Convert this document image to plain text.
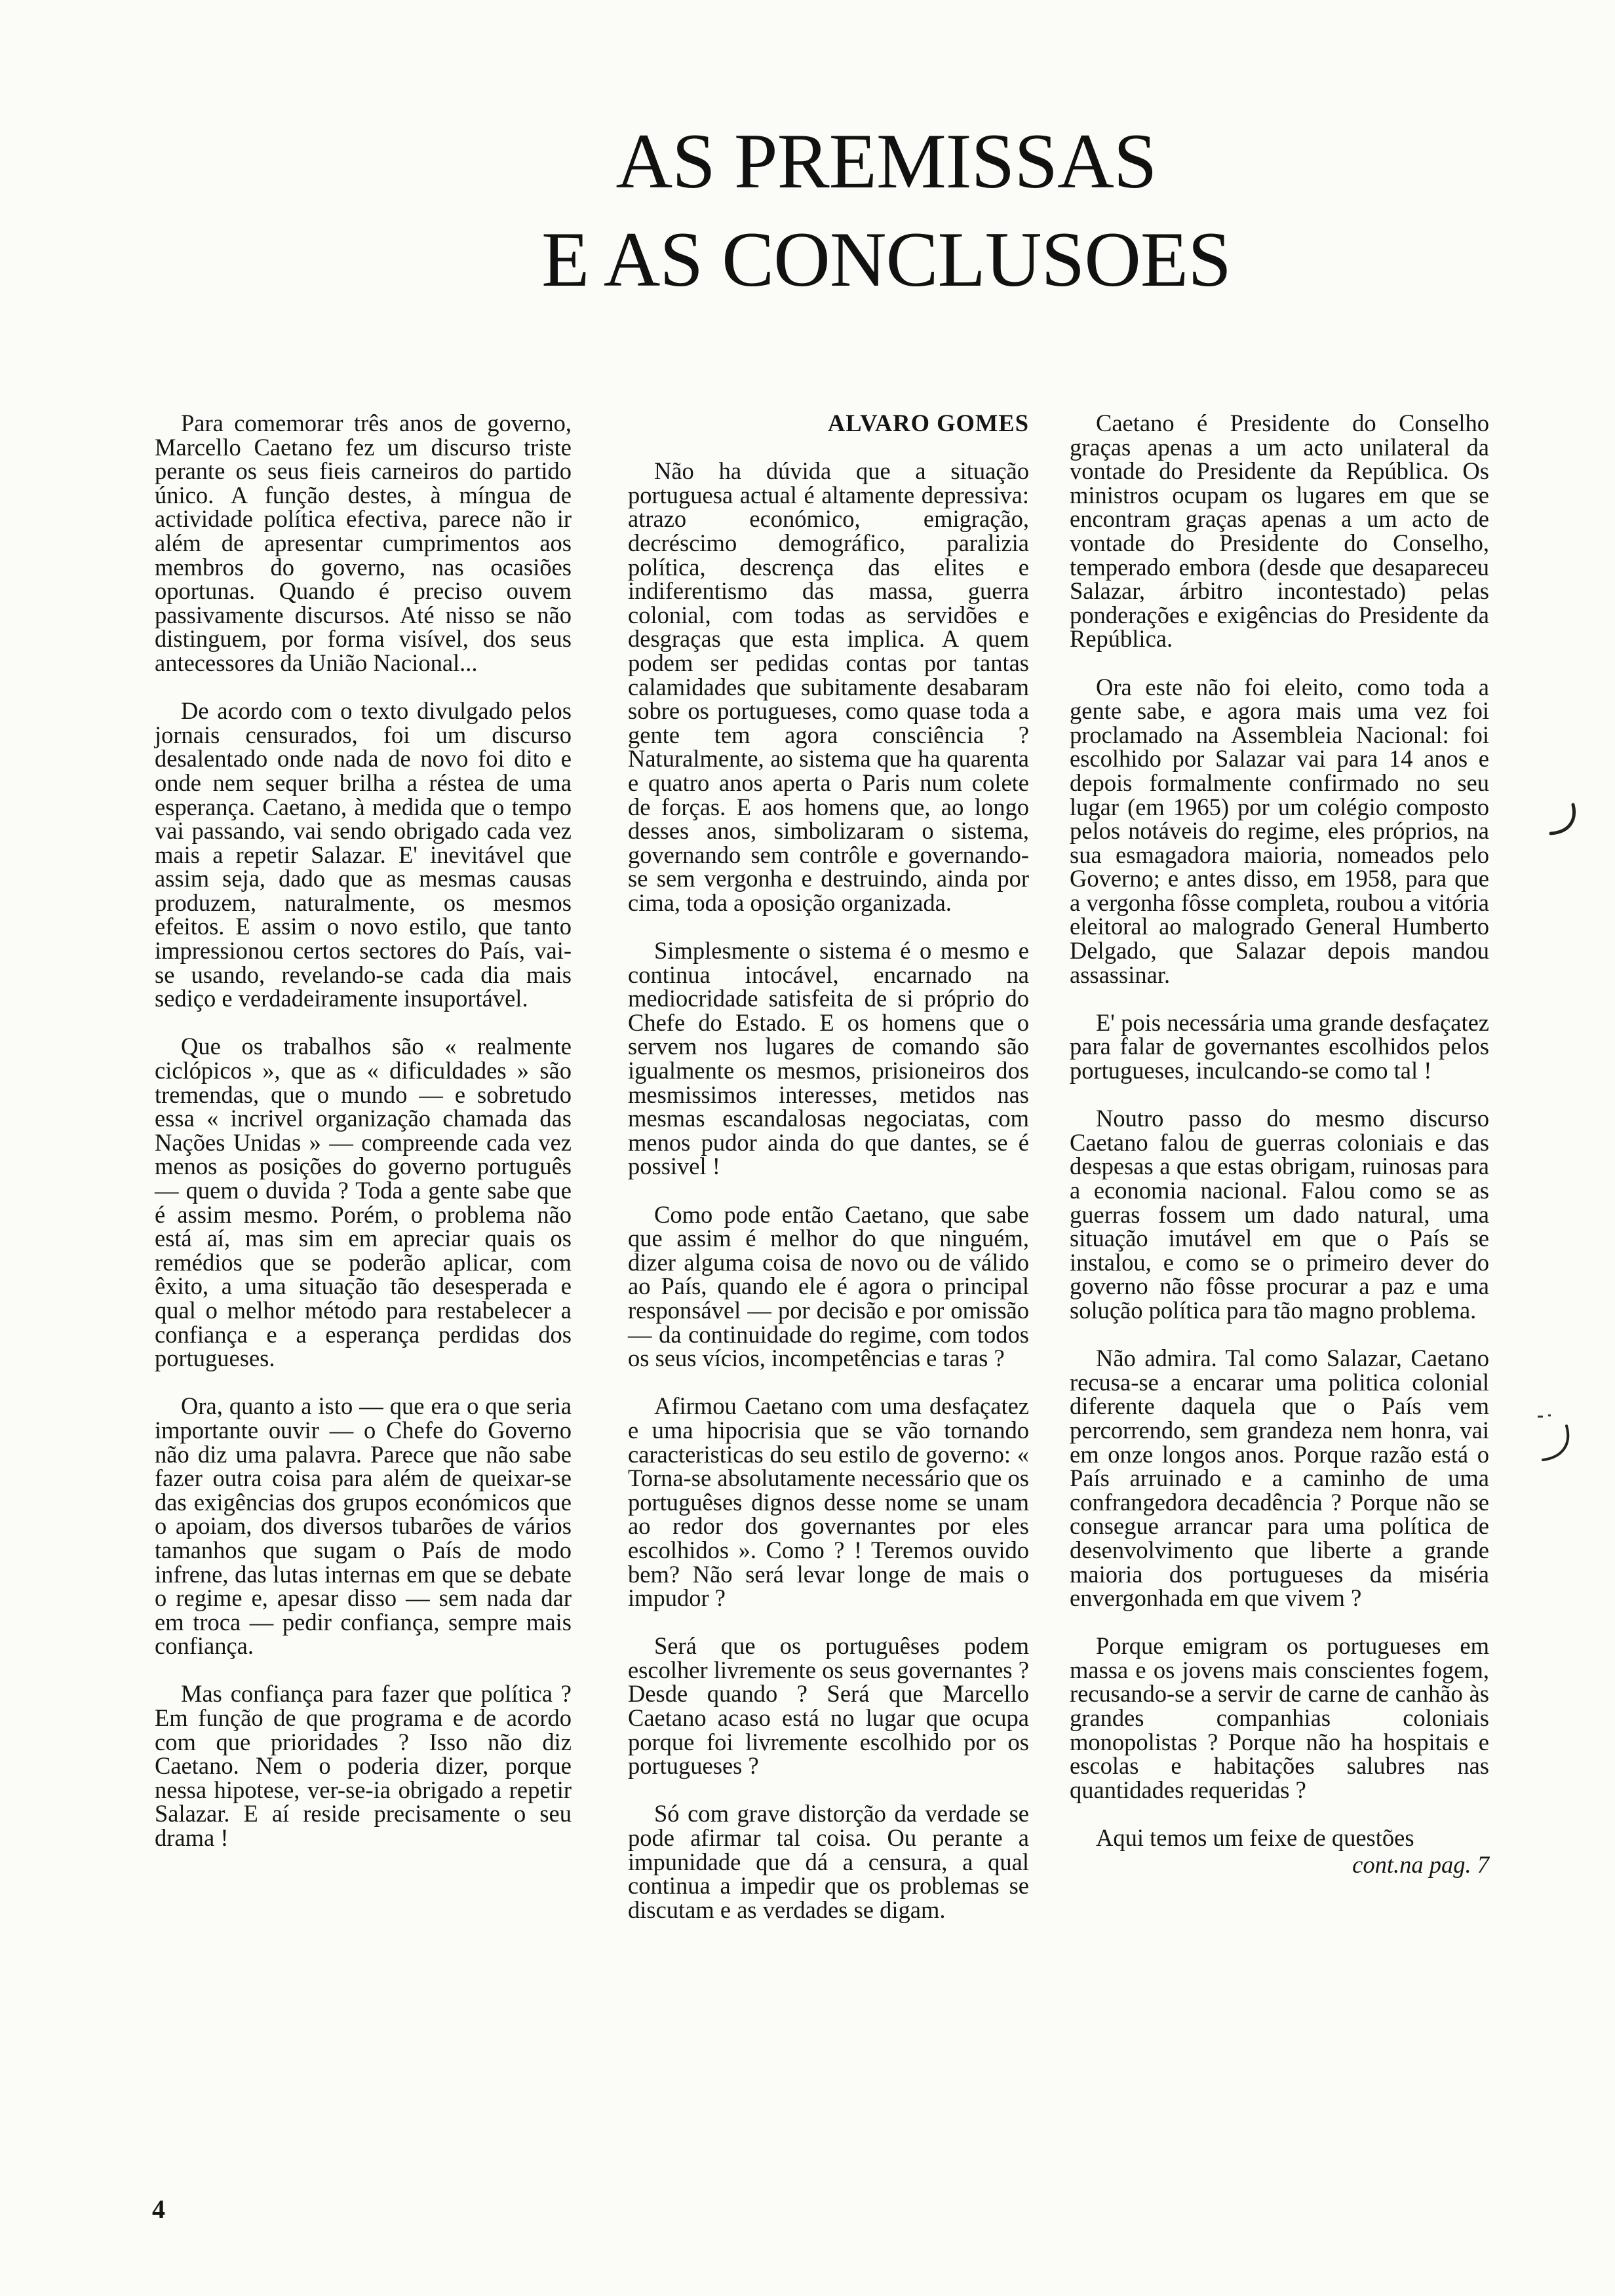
AS PREMISSAS
E AS CONCLUSOES

Para comemorar três anos de governo, Marcello Caetano fez um discurso triste perante os seus fieis carneiros do partido único. A função destes, à míngua de actividade política efectiva, parece não ir além de apresentar cumprimentos aos membros do governo, nas ocasiões oportunas. Quando é preciso ouvem passivamente discursos. Até nisso se não distinguem, por forma visível, dos seus antecessores da União Nacional...

De acordo com o texto divulgado pelos jornais censurados, foi um discurso desalentado onde nada de novo foi dito e onde nem sequer brilha a réstea de uma esperança. Caetano, à medida que o tempo vai passando, vai sendo obrigado cada vez mais a repetir Salazar. E' inevitável que assim seja, dado que as mesmas causas produzem, naturalmente, os mesmos efeitos. E assim o novo estilo, que tanto impressionou certos sectores do País, vai-se usando, revelando-se cada dia mais sediço e verdadeiramente insuportável.

Que os trabalhos são « realmente ciclópicos », que as « dificuldades » são tremendas, que o mundo — e sobretudo essa « incrivel organização chamada das Nações Unidas » — compreende cada vez menos as posições do governo português — quem o duvida ? Toda a gente sabe que é assim mesmo. Porém, o problema não está aí, mas sim em apreciar quais os remédios que se poderão aplicar, com êxito, a uma situação tão desesperada e qual o melhor método para restabelecer a confiança e a esperança perdidas dos portugueses.

Ora, quanto a isto — que era o que seria importante ouvir — o Chefe do Governo não diz uma palavra. Parece que não sabe fazer outra coisa para além de queixar-se das exigências dos grupos económicos que o apoiam, dos diversos tubarões de vários tamanhos que sugam o País de modo infrene, das lutas internas em que se debate o regime e, apesar disso — sem nada dar em troca — pedir confiança, sempre mais confiança.

Mas confiança para fazer que política ? Em função de que programa e de acordo com que prioridades ? Isso não diz Caetano. Nem o poderia dizer, porque nessa hipotese, ver-se-ia obrigado a repetir Salazar. E aí reside precisamente o seu drama !

ALVARO GOMES

Não ha dúvida que a situação portuguesa actual é altamente depressiva: atrazo económico, emigração, decréscimo demográfico, paralizia política, descrença das elites e indiferentismo das massa, guerra colonial, com todas as servidões e desgraças que esta implica. A quem podem ser pedidas contas por tantas calamidades que subitamente desabaram sobre os portugueses, como quase toda a gente tem agora consciência ? Naturalmente, ao sistema que ha quarenta e quatro anos aperta o Paris num colete de forças. E aos homens que, ao longo desses anos, simbolizaram o sistema, governando sem contrôle e governando-se sem vergonha e destruindo, ainda por cima, toda a oposição organizada.

Simplesmente o sistema é o mesmo e continua intocável, encarnado na mediocridade satisfeita de si próprio do Chefe do Estado. E os homens que o servem nos lugares de comando são igualmente os mesmos, prisioneiros dos mesmissimos interesses, metidos nas mesmas escandalosas negociatas, com menos pudor ainda do que dantes, se é possivel !

Como pode então Caetano, que sabe que assim é melhor do que ninguém, dizer alguma coisa de novo ou de válido ao País, quando ele é agora o principal responsável — por decisão e por omissão — da continuidade do regime, com todos os seus vícios, incompetências e taras ?

Afirmou Caetano com uma desfaçatez e uma hipocrisia que se vão tornando caracteristicas do seu estilo de governo: « Torna-se absolutamente necessário que os portuguêses dignos desse nome se unam ao redor dos governantes por eles escolhidos ». Como ? ! Teremos ouvido bem? Não será levar longe de mais o impudor ?

Será que os portuguêses podem escolher livremente os seus governantes ? Desde quando ? Será que Marcello Caetano acaso está no lugar que ocupa porque foi livremente escolhido por os portugueses ?

Só com grave distorção da verdade se pode afirmar tal coisa. Ou perante a impunidade que dá a censura, a qual continua a impedir que os problemas se discutam e as verdades se digam.

Caetano é Presidente do Conselho graças apenas a um acto unilateral da vontade do Presidente da República. Os ministros ocupam os lugares em que se encontram graças apenas a um acto de vontade do Presidente do Conselho, temperado embora (desde que desapareceu Salazar, árbitro incontestado) pelas ponderações e exigências do Presidente da República.

Ora este não foi eleito, como toda a gente sabe, e agora mais uma vez foi proclamado na Assembleia Nacional: foi escolhido por Salazar vai para 14 anos e depois formalmente confirmado no seu lugar (em 1965) por um colégio composto pelos notáveis do regime, eles próprios, na sua esmagadora maioria, nomeados pelo Governo; e antes disso, em 1958, para que a vergonha fôsse completa, roubou a vitória eleitoral ao malogrado General Humberto Delgado, que Salazar depois mandou assassinar.

E' pois necessária uma grande desfaçatez para falar de governantes escolhidos pelos portugueses, inculcando-se como tal !

Noutro passo do mesmo discurso Caetano falou de guerras coloniais e das despesas a que estas obrigam, ruinosas para a economia nacional. Falou como se as guerras fossem um dado natural, uma situação imutável em que o País se instalou, e como se o primeiro dever do governo não fôsse procurar a paz e uma solução política para tão magno problema.

Não admira. Tal como Salazar, Caetano recusa-se a encarar uma politica colonial diferente daquela que o País vem percorrendo, sem grandeza nem honra, vai em onze longos anos. Porque razão está o País arruinado e a caminho de uma confrangedora decadência ? Porque não se consegue arrancar para uma política de desenvolvimento que liberte a grande maioria dos portugueses da miséria envergonhada em que vivem ?

Porque emigram os portugueses em massa e os jovens mais conscientes fogem, recusando-se a servir de carne de canhão às grandes companhias coloniais monopolistas ? Porque não ha hospitais e escolas e habitações salubres nas quantidades requeridas ?

Aqui temos um feixe de questões

cont.na pag. 7

4
